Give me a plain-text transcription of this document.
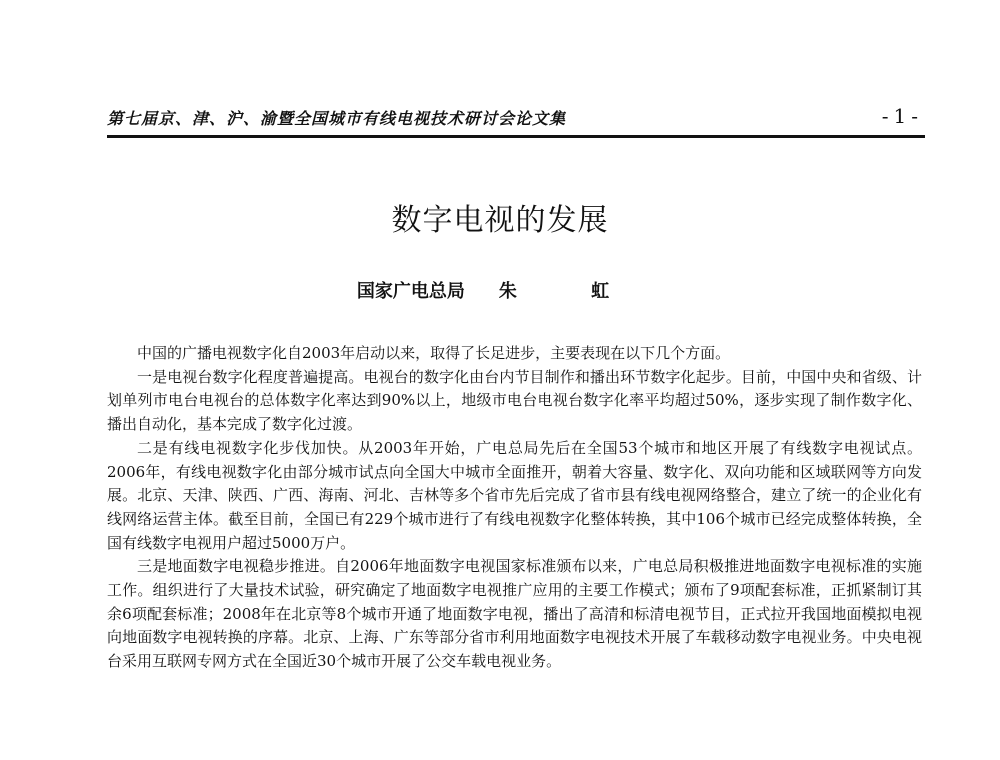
第七届京、津、沪、渝暨全国城市有线电视技术研讨会论文集	-1-
数字电视的发展
国家广电总局 朱 虹

中国的广播电视数字化自2003年启动以来，取得了长足进步，主要表现在以下几个方面。

一是电视台数字化程度普遍提高。电视台的数字化由台内节目制作和播出环节数字化起步。目前，中国中央和省级、计划单列市电台电视台的总体数字化率达到90%以上，地级市电台电视台数字化率平均超过50%，逐步实现了制作数字化、播出自动化，基本完成了数字化过渡。

二是有线电视数字化步伐加快。从2003年开始，广电总局先后在全国53个城市和地区开展了有线数字电视试点。2006年，有线电视数字化由部分城市试点向全国大中城市全面推开，朝着大容量、数字化、双向功能和区域联网等方向发展。北京、天津、陕西、广西、海南、河北、吉林等多个省市先后完成了省市县有线电视网络整合，建立了统一的企业化有线网络运营主体。截至目前，全国已有229个城市进行了有线电视数字化整体转换，其中106个城市已经完成整体转换，全国有线数字电视用户超过5000万户。

三是地面数字电视稳步推进。自2006年地面数字电视国家标准颁布以来，广电总局积极推进地面数字电视标准的实施工作。组织进行了大量技术试验，研究确定了地面数字电视推广应用的主要工作模式；颁布了9项配套标准，正抓紧制订其余6项配套标准；2008年在北京等8个城市开通了地面数字电视，播出了高清和标清电视节目，正式拉开我国地面模拟电视向地面数字电视转换的序幕。北京、上海、广东等部分省市利用地面数字电视技术开展了车载移动数字电视业务。中央电视台采用互联网专网方式在全国近30个城市开展了公交车载电视业务。
